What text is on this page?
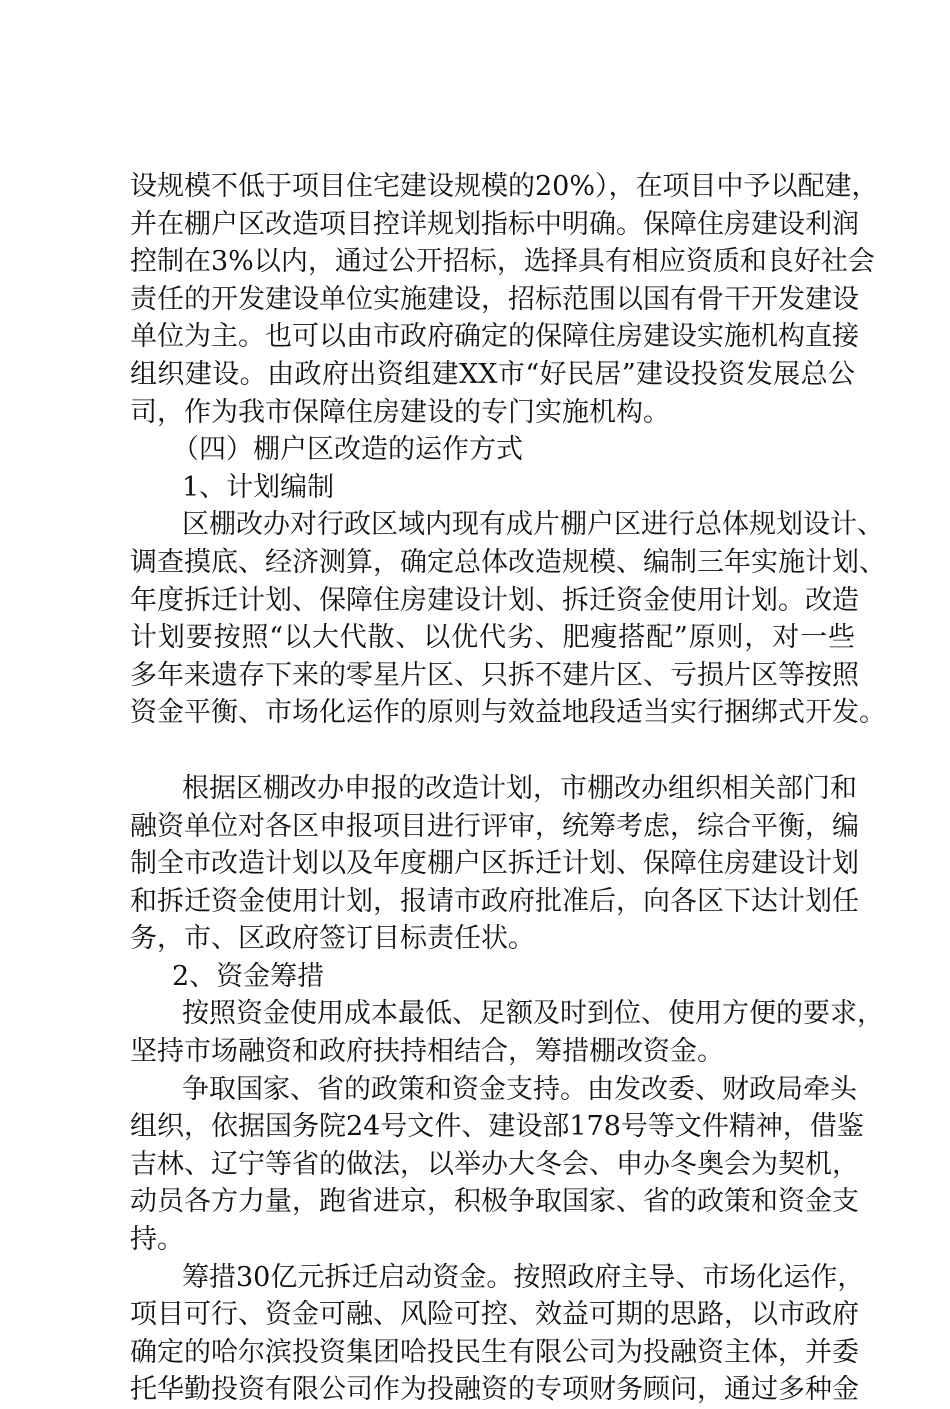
设规模不低于项目住宅建设规模的20%），在项目中予以配建，
并在棚户区改造项目控详规划指标中明确。保障住房建设利润
控制在3%以内，通过公开招标，选择具有相应资质和良好社会
责任的开发建设单位实施建设，招标范围以国有骨干开发建设
单位为主。也可以由市政府确定的保障住房建设实施机构直接
组织建设。由政府出资组建XX市“好民居”建设投资发展总公
司，作为我市保障住房建设的专门实施机构。
（四）棚户区改造的运作方式
1、计划编制
区棚改办对行政区域内现有成片棚户区进行总体规划设计、
调查摸底、经济测算，确定总体改造规模、编制三年实施计划、
年度拆迁计划、保障住房建设计划、拆迁资金使用计划。改造
计划要按照“以大代散、以优代劣、肥瘦搭配”原则，对一些
多年来遗存下来的零星片区、只拆不建片区、亏损片区等按照
资金平衡、市场化运作的原则与效益地段适当实行捆绑式开发。
根据区棚改办申报的改造计划，市棚改办组织相关部门和
融资单位对各区申报项目进行评审，统筹考虑，综合平衡，编
制全市改造计划以及年度棚户区拆迁计划、保障住房建设计划
和拆迁资金使用计划，报请市政府批准后，向各区下达计划任
务，市、区政府签订目标责任状。
2、资金筹措
按照资金使用成本最低、足额及时到位、使用方便的要求，
坚持市场融资和政府扶持相结合，筹措棚改资金。
争取国家、省的政策和资金支持。由发改委、财政局牵头
组织，依据国务院24号文件、建设部178号等文件精神，借鉴
吉林、辽宁等省的做法，以举办大冬会、申办冬奥会为契机，
动员各方力量，跑省进京，积极争取国家、省的政策和资金支
持。
筹措30亿元拆迁启动资金。按照政府主导、市场化运作，
项目可行、资金可融、风险可控、效益可期的思路，以市政府
确定的哈尔滨投资集团哈投民生有限公司为投融资主体，并委
托华勤投资有限公司作为投融资的专项财务顾问，通过多种金
